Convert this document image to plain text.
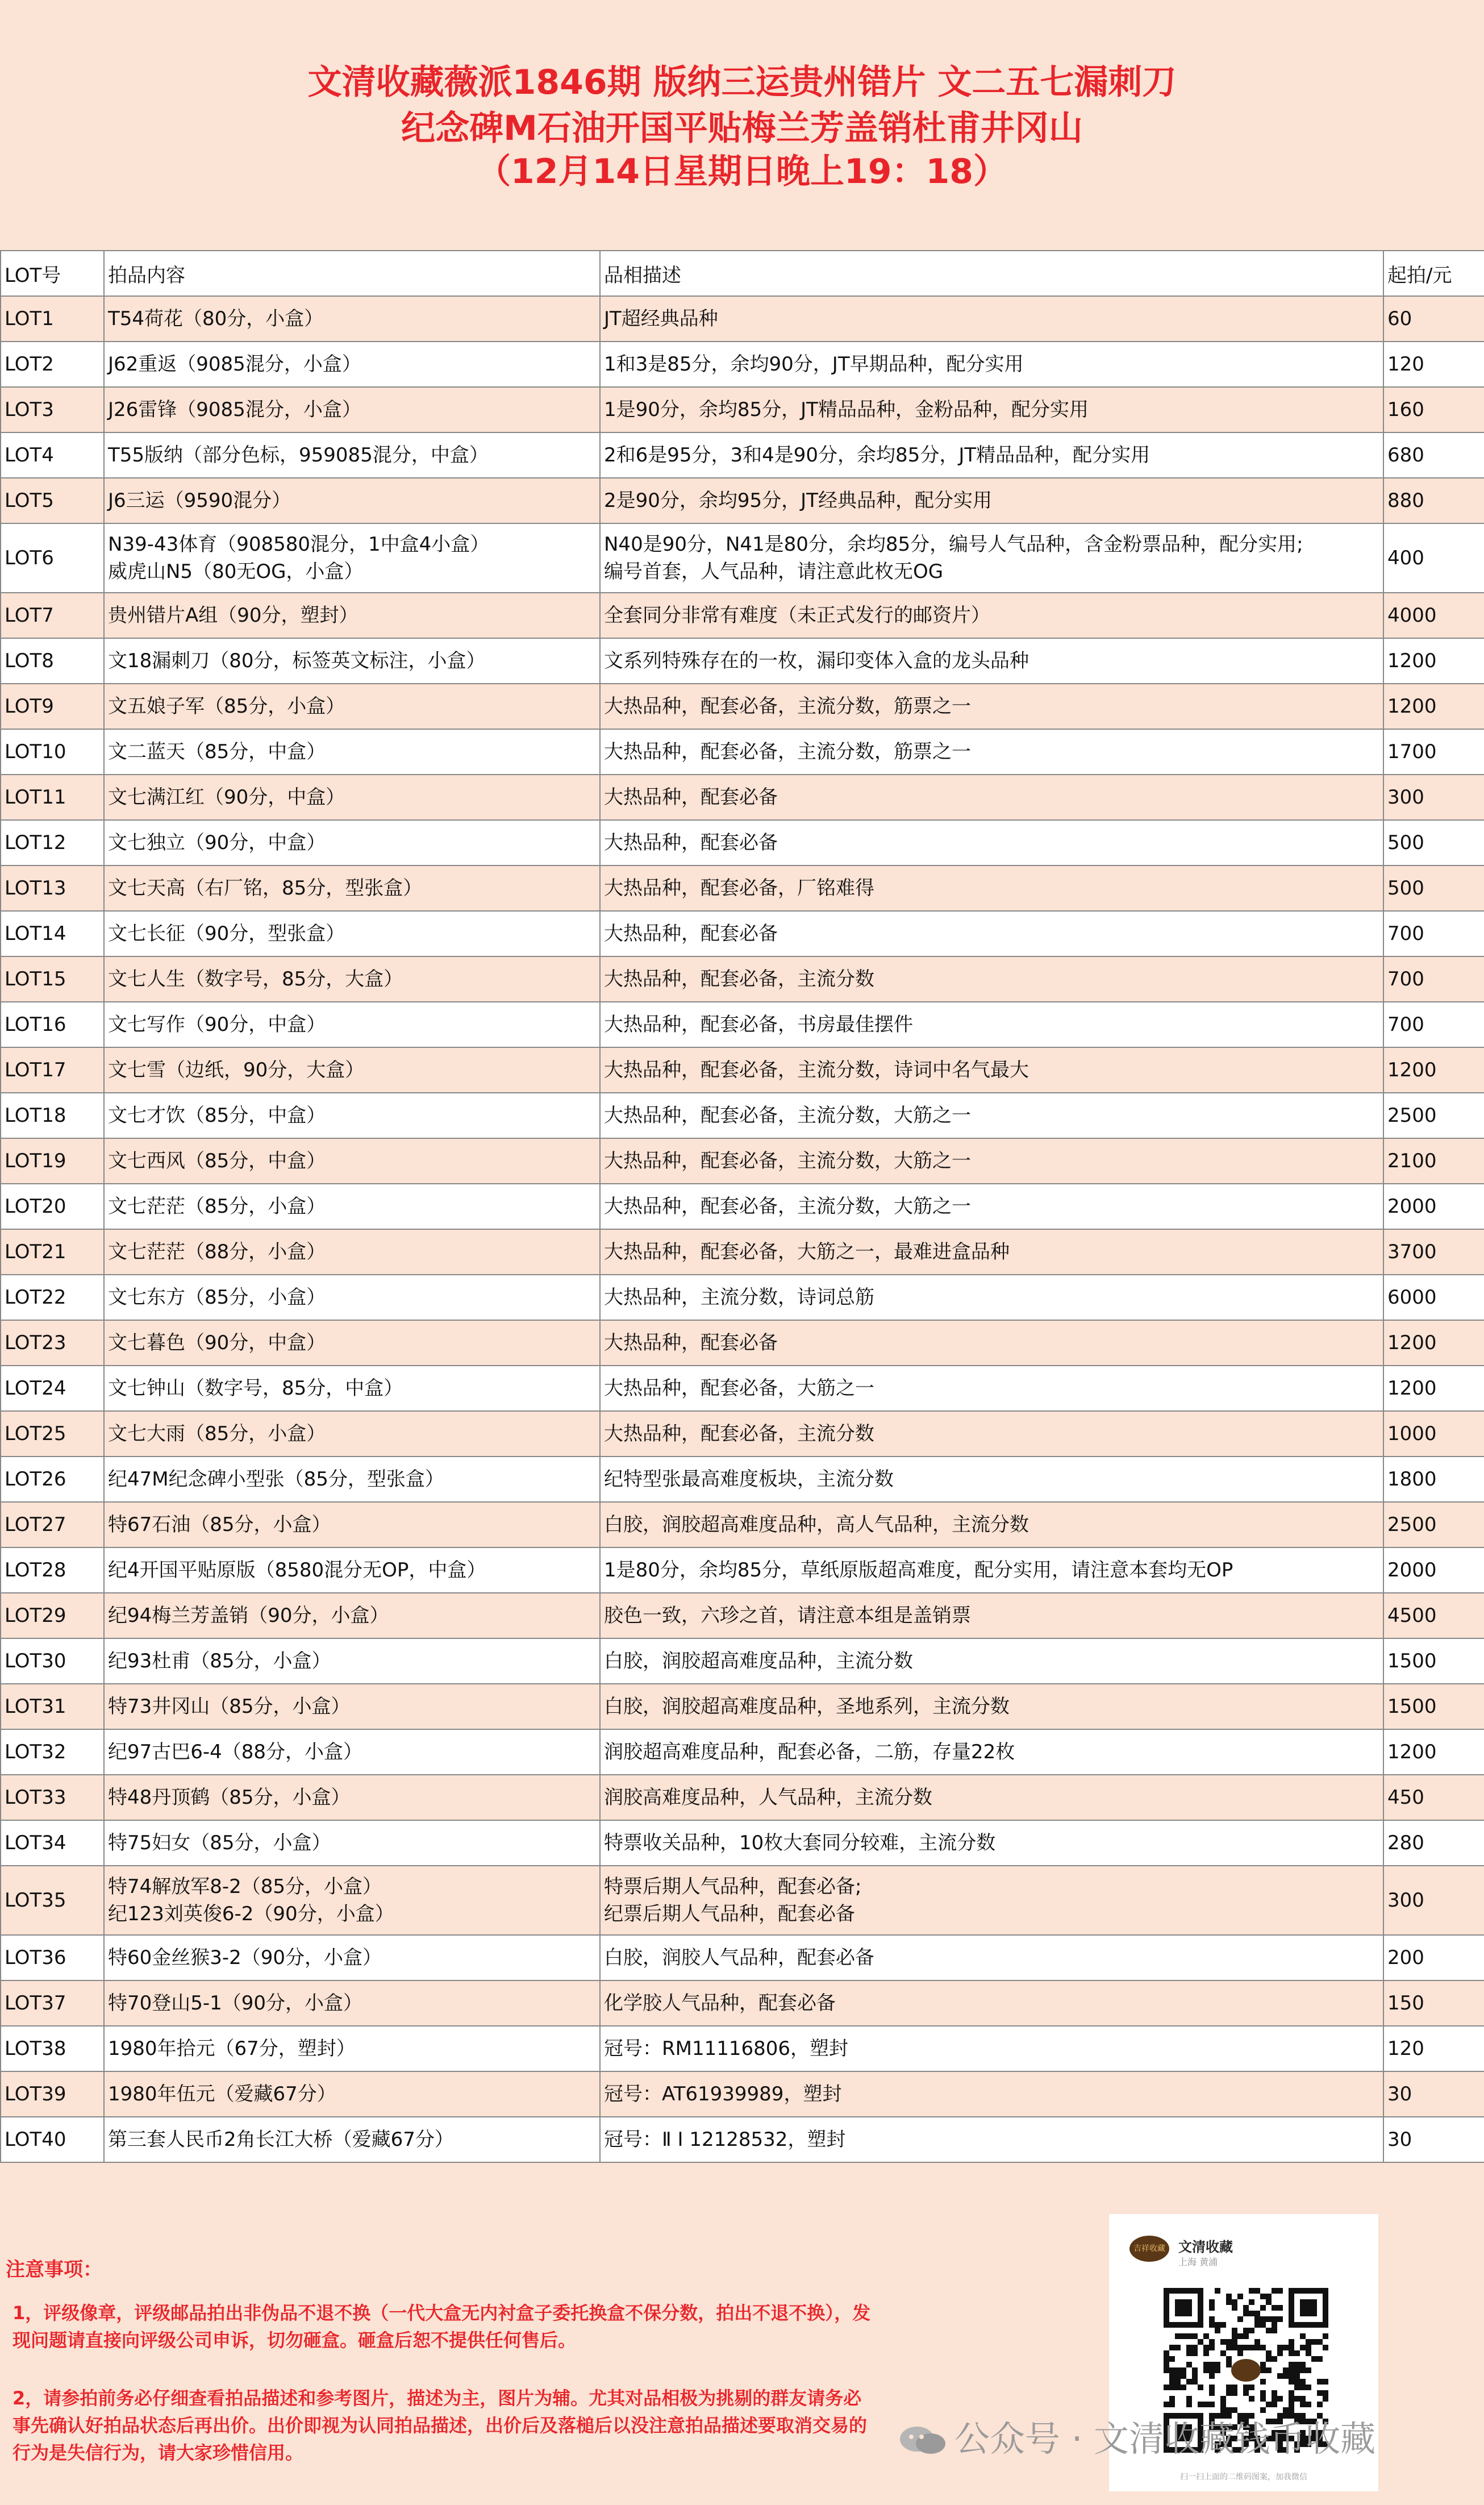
文清收藏薇派1846期 版纳三运贵州错片 文二五七漏刺刀
纪念碑M石油开国平贴梅兰芳盖销杜甫井冈山
（12月14日星期日晚上19：18）
LOT号	拍品内容	品相描述	起拍/元
LOT1	T54荷花（80分，小盒）	JT超经典品种	60
LOT2	J62重返（9085混分，小盒）	1和3是85分，余均90分，JT早期品种，配分实用	120
LOT3	J26雷锋（9085混分，小盒）	1是90分，余均85分，JT精品品种，金粉品种，配分实用	160
LOT4	T55版纳（部分色标，959085混分，中盒）	2和6是95分，3和4是90分，余均85分，JT精品品种，配分实用	680
LOT5	J6三运（9590混分）	2是90分，余均95分，JT经典品种，配分实用	880
LOT6	N39-43体育（908580混分，1中盒4小盒）
威虎山N5（80无OG，小盒）	N40是90分，N41是80分，余均85分，编号人气品种，含金粉票品种，配分实用;
编号首套，人气品种，请注意此枚无OG	400
LOT7	贵州错片A组（90分，塑封）	全套同分非常有难度（未正式发行的邮资片）	4000
LOT8	文18漏刺刀（80分，标签英文标注，小盒）	文系列特殊存在的一枚，漏印变体入盒的龙头品种	1200
LOT9	文五娘子军（85分，小盒）	大热品种，配套必备，主流分数，筋票之一	1200
LOT10	文二蓝天（85分，中盒）	大热品种，配套必备，主流分数，筋票之一	1700
LOT11	文七满江红（90分，中盒）	大热品种，配套必备	300
LOT12	文七独立（90分，中盒）	大热品种，配套必备	500
LOT13	文七天高（右厂铭，85分，型张盒）	大热品种，配套必备，厂铭难得	500
LOT14	文七长征（90分，型张盒）	大热品种，配套必备	700
LOT15	文七人生（数字号，85分，大盒）	大热品种，配套必备，主流分数	700
LOT16	文七写作（90分，中盒）	大热品种，配套必备，书房最佳摆件	700
LOT17	文七雪（边纸，90分，大盒）	大热品种，配套必备，主流分数，诗词中名气最大	1200
LOT18	文七才饮（85分，中盒）	大热品种，配套必备，主流分数，大筋之一	2500
LOT19	文七西风（85分，中盒）	大热品种，配套必备，主流分数，大筋之一	2100
LOT20	文七茫茫（85分，小盒）	大热品种，配套必备，主流分数，大筋之一	2000
LOT21	文七茫茫（88分，小盒）	大热品种，配套必备，大筋之一，最难进盒品种	3700
LOT22	文七东方（85分，小盒）	大热品种，主流分数，诗词总筋	6000
LOT23	文七暮色（90分，中盒）	大热品种，配套必备	1200
LOT24	文七钟山（数字号，85分，中盒）	大热品种，配套必备，大筋之一	1200
LOT25	文七大雨（85分，小盒）	大热品种，配套必备，主流分数	1000
LOT26	纪47M纪念碑小型张（85分，型张盒）	纪特型张最高难度板块，主流分数	1800
LOT27	特67石油（85分，小盒）	白胶，润胶超高难度品种，高人气品种，主流分数	2500
LOT28	纪4开国平贴原版（8580混分无OP，中盒）	1是80分，余均85分，草纸原版超高难度，配分实用，请注意本套均无OP	2000
LOT29	纪94梅兰芳盖销（90分，小盒）	胶色一致，六珍之首，请注意本组是盖销票	4500
LOT30	纪93杜甫（85分，小盒）	白胶，润胶超高难度品种，主流分数	1500
LOT31	特73井冈山（85分，小盒）	白胶，润胶超高难度品种，圣地系列，主流分数	1500
LOT32	纪97古巴6-4（88分，小盒）	润胶超高难度品种，配套必备，二筋，存量22枚	1200
LOT33	特48丹顶鹤（85分，小盒）	润胶高难度品种，人气品种，主流分数	450
LOT34	特75妇女（85分，小盒）	特票收关品种，10枚大套同分较难，主流分数	280
LOT35	特74解放军8-2（85分，小盒）
纪123刘英俊6-2（90分，小盒）	特票后期人气品种，配套必备;
纪票后期人气品种，配套必备	300
LOT36	特60金丝猴3-2（90分，小盒）	白胶，润胶人气品种，配套必备	200
LOT37	特70登山5-1（90分，小盒）	化学胶人气品种，配套必备	150
LOT38	1980年拾元（67分，塑封）	冠号：RM11116806，塑封	120
LOT39	1980年伍元（爱藏67分）	冠号：AT61939989，塑封	30
LOT40	第三套人民币2角长江大桥（爱藏67分）	冠号：Ⅱ I 12128532，塑封	30
注意事项：
1，评级像章，评级邮品拍出非伪品不退不换（一代大盒无内衬盒子委托换盒不保分数，拍出不退不换），发现问题请直接向评级公司申诉，切勿砸盒。砸盒后恕不提供任何售后。
2，请参拍前务必仔细查看拍品描述和参考图片，描述为主，图片为辅。尤其对品相极为挑剔的群友请务必事先确认好拍品状态后再出价。出价即视为认同拍品描述，出价后及落槌后以没注意拍品描述要取消交易的行为是失信行为，请大家珍惜信用。
吉祥收藏 文清收藏
上海 黄浦
扫一扫上面的二维码图案，加我微信
公众号 · 文清收藏钱币收藏
